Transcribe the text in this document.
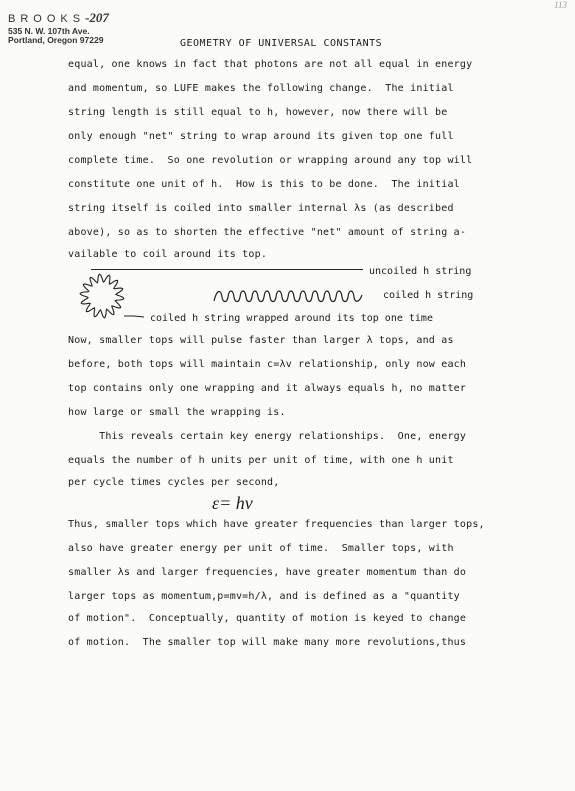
BROOKS-207
535 N. W. 107th Ave.
Portland, Oregon 97229
113
GEOMETRY OF UNIVERSAL CONSTANTS
equal, one knows in fact that photons are not all equal in energy
and momentum, so LUFE makes the following change.  The initial
string length is still equal to h, however, now there will be
only enough "net" string to wrap around its given top one full
complete time.  So one revolution or wrapping around any top will
constitute one unit of h.  How is this to be done.  The initial
string itself is coiled into smaller internal λs (as described
above), so as to shorten the effective "net" amount of string a-
vailable to coil around its top.
uncoiled h string
coiled h string
coiled h string wrapped around its top one time
Now, smaller tops will pulse faster than larger λ tops, and as
before, both tops will maintain c=λv relationship, only now each
top contains only one wrapping and it always equals h, no matter
how large or small the wrapping is.
This reveals certain key energy relationships.  One, energy
equals the number of h units per unit of time, with one h unit
per cycle times cycles per second,
ε= hv
Thus, smaller tops which have greater frequencies than larger tops,
also have greater energy per unit of time.  Smaller tops, with
smaller λs and larger frequencies, have greater momentum than do
larger tops as momentum,p=mv=h/λ, and is defined as a "quantity
of motion".  Conceptually, quantity of motion is keyed to change
of motion.  The smaller top will make many more revolutions,thus
